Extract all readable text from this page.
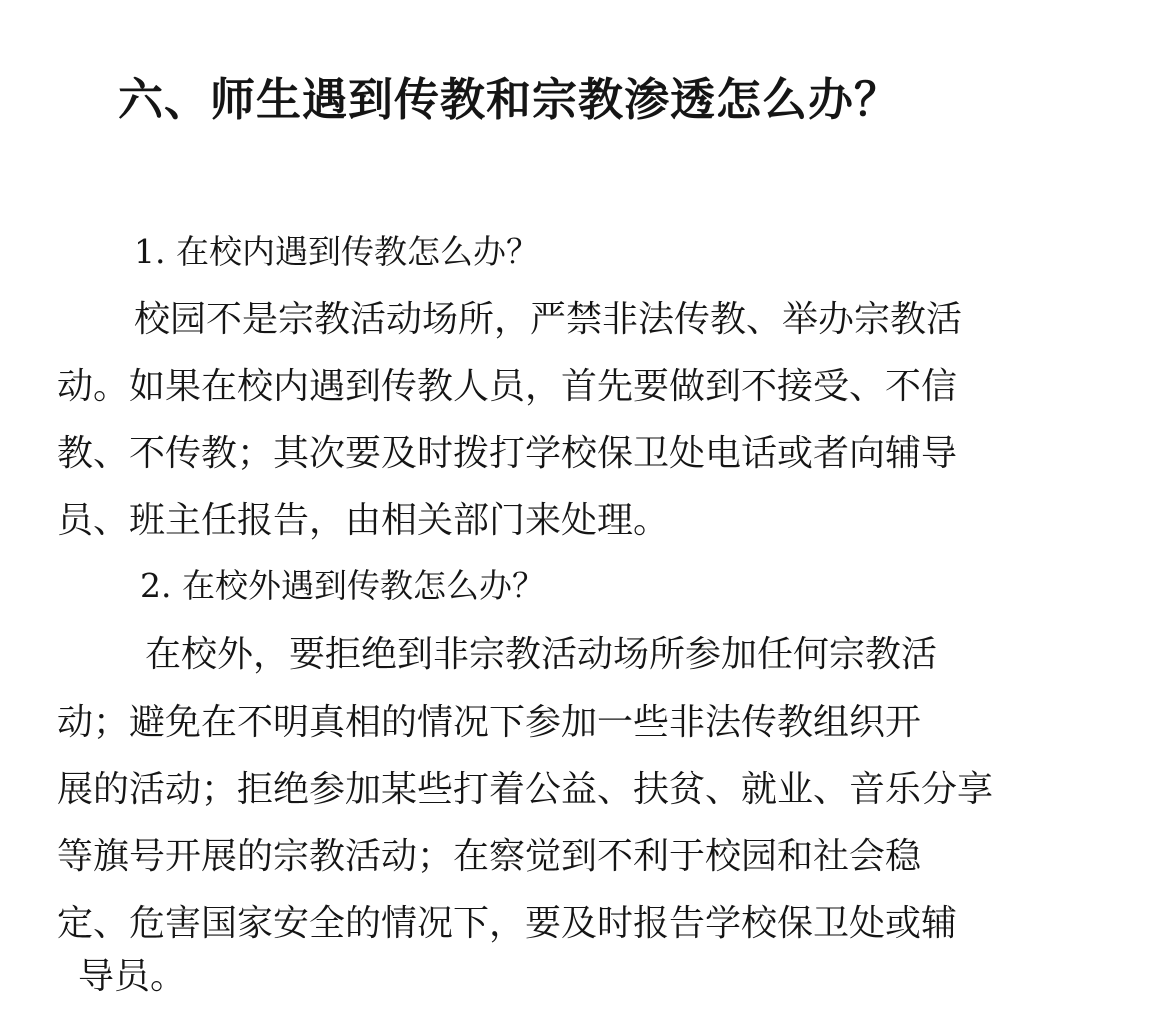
六、师生遇到传教和宗教渗透怎么办？
1. 在校内遇到传教怎么办？
校园不是宗教活动场所，严禁非法传教、举办宗教活
动。如果在校内遇到传教人员，首先要做到不接受、不信
教、不传教；其次要及时拨打学校保卫处电话或者向辅导
员、班主任报告，由相关部门来处理。
2. 在校外遇到传教怎么办？
在校外，要拒绝到非宗教活动场所参加任何宗教活
动；避免在不明真相的情况下参加一些非法传教组织开
展的活动；拒绝参加某些打着公益、扶贫、就业、音乐分享
等旗号开展的宗教活动；在察觉到不利于校园和社会稳
定、危害国家安全的情况下，要及时报告学校保卫处或辅
导员。
